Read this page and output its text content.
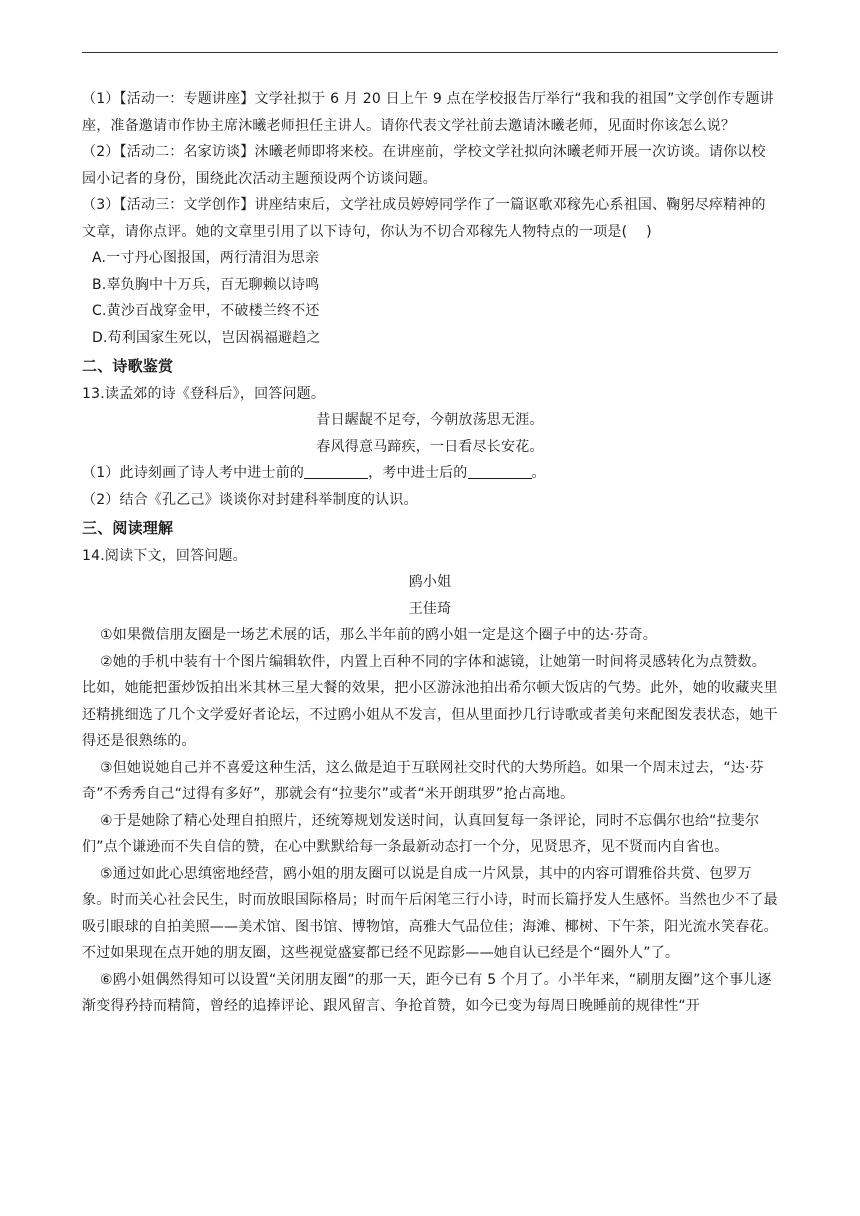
（1）【活动一：专题讲座】文学社拟于 6 月 20 日上午 9 点在学校报告厅举行“我和我的祖国”文学创作专题讲座，准备邀请市作协主席沐曦老师担任主讲人。请你代表文学社前去邀请沐曦老师，见面时你该怎么说？

（2）【活动二：名家访谈】沐曦老师即将来校。在讲座前，学校文学社拟向沐曦老师开展一次访谈。请你以校园小记者的身份，围绕此次活动主题预设两个访谈问题。

（3）【活动三：文学创作】讲座结束后，文学社成员婷婷同学作了一篇讴歌邓稼先心系祖国、鞠躬尽瘁精神的文章，请你点评。她的文章里引用了以下诗句，你认为不切合邓稼先人物特点的一项是(　 )

A.一寸丹心图报国，两行清泪为思亲

B.辜负胸中十万兵，百无聊赖以诗鸣

C.黄沙百战穿金甲，不破楼兰终不还

D.苟利国家生死以，岂因祸福避趋之

二、诗歌鉴赏

13.读孟郊的诗《登科后》，回答问题。

昔日龌龊不足夸，今朝放荡思无涯。

春风得意马蹄疾，一日看尽长安花。

（1）此诗刻画了诗人考中进士前的	，考中进士后的	。

（2）结合《孔乙己》谈谈你对封建科举制度的认识。

三、阅读理解

14.阅读下文，回答问题。

鸥小姐

王佳琦

①如果微信朋友圈是一场艺术展的话，那么半年前的鸥小姐一定是这个圈子中的达·芬奇。

②她的手机中装有十个图片编辑软件，内置上百种不同的字体和滤镜，让她第一时间将灵感转化为点赞数。比如，她能把蛋炒饭拍出米其林三星大餐的效果，把小区游泳池拍出希尔顿大饭店的气势。此外，她的收藏夹里还精挑细选了几个文学爱好者论坛，不过鸥小姐从不发言，但从里面抄几行诗歌或者美句来配图发表状态，她干得还是很熟练的。

③但她说她自己并不喜爱这种生活，这么做是迫于互联网社交时代的大势所趋。如果一个周末过去，“达·芬奇”不秀秀自己“过得有多好”，那就会有“拉斐尔”或者“米开朗琪罗”抢占高地。

④于是她除了精心处理自拍照片，还统筹规划发送时间，认真回复每一条评论，同时不忘偶尔也给“拉斐尔们”点个谦逊而不失自信的赞，在心中默默给每一条最新动态打一个分，见贤思齐，见不贤而内自省也。

⑤通过如此心思缜密地经营，鸥小姐的朋友圈可以说是自成一片风景，其中的内容可谓雅俗共赏、包罗万象。时而关心社会民生，时而放眼国际格局；时而午后闲笔三行小诗，时而长篇抒发人生感怀。当然也少不了最吸引眼球的自拍美照——美术馆、图书馆、博物馆，高雅大气品位佳；海滩、椰树、下午茶，阳光流水笑春花。不过如果现在点开她的朋友圈，这些视觉盛宴都已经不见踪影——她自认已经是个“圈外人”了。

⑥鸥小姐偶然得知可以设置“关闭朋友圈”的那一天，距今已有 5 个月了。小半年来，“刷朋友圈”这个事儿逐渐变得矜持而精简，曾经的追捧评论、跟风留言、争抢首赞，如今已变为每周日晚睡前的规律性“开
